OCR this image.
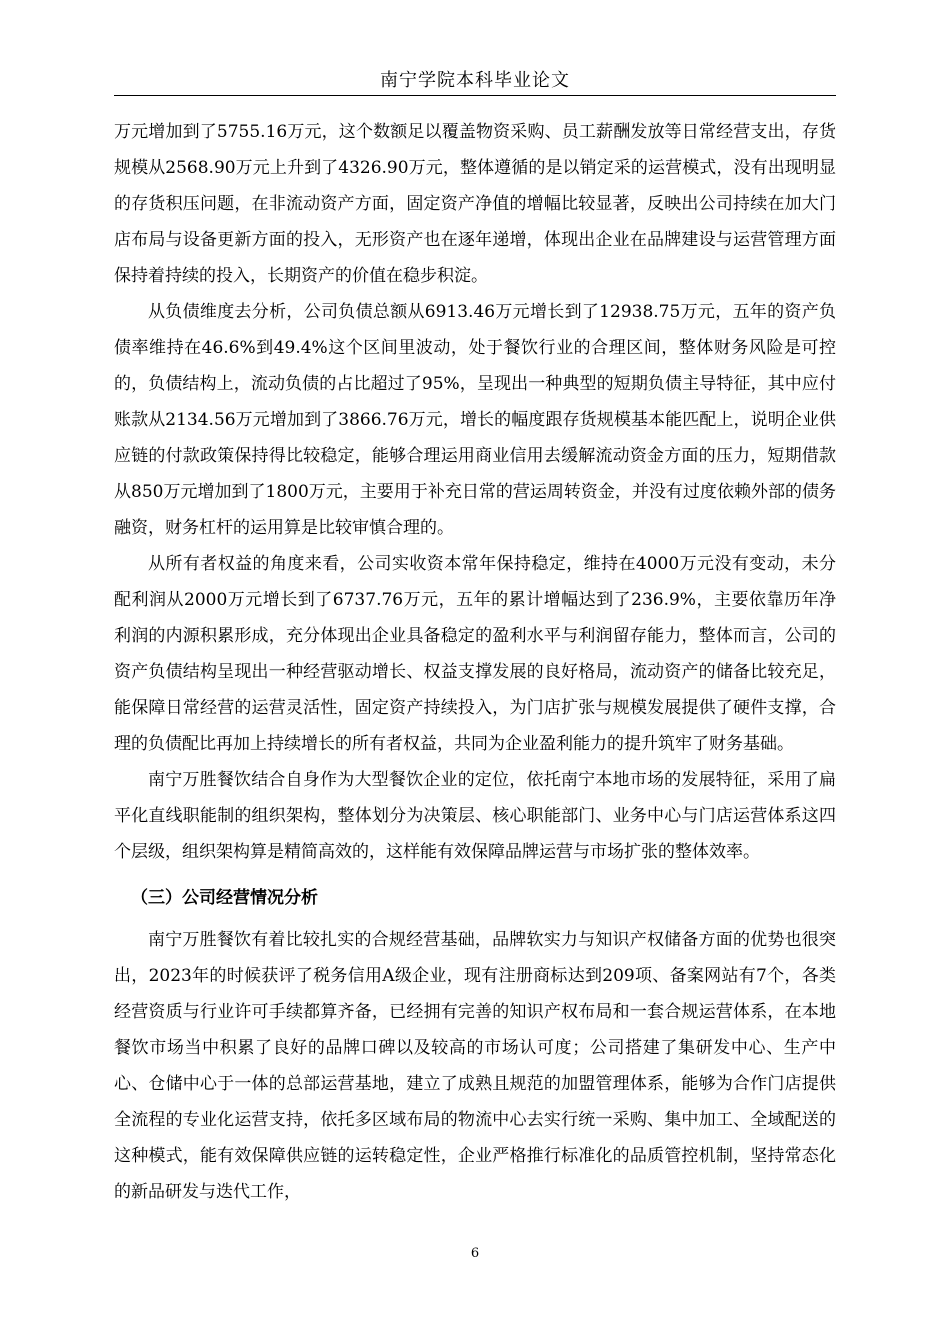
南宁学院本科毕业论文

万元增加到了5755.16万元，这个数额足以覆盖物资采购、员工薪酬发放等日常经营支出，存货规模从2568.90万元上升到了4326.90万元，整体遵循的是以销定采的运营模式，没有出现明显的存货积压问题，在非流动资产方面，固定资产净值的增幅比较显著，反映出公司持续在加大门店布局与设备更新方面的投入，无形资产也在逐年递增，体现出企业在品牌建设与运营管理方面保持着持续的投入，长期资产的价值在稳步积淀。

从负债维度去分析，公司负债总额从6913.46万元增长到了12938.75万元，五年的资产负债率维持在46.6%到49.4%这个区间里波动，处于餐饮行业的合理区间，整体财务风险是可控的，负债结构上，流动负债的占比超过了95%，呈现出一种典型的短期负债主导特征，其中应付账款从2134.56万元增加到了3866.76万元，增长的幅度跟存货规模基本能匹配上，说明企业供应链的付款政策保持得比较稳定，能够合理运用商业信用去缓解流动资金方面的压力，短期借款从850万元增加到了1800万元，主要用于补充日常的营运周转资金，并没有过度依赖外部的债务融资，财务杠杆的运用算是比较审慎合理的。

从所有者权益的角度来看，公司实收资本常年保持稳定，维持在4000万元没有变动，未分配利润从2000万元增长到了6737.76万元，五年的累计增幅达到了236.9%，主要依靠历年净利润的内源积累形成，充分体现出企业具备稳定的盈利水平与利润留存能力，整体而言，公司的资产负债结构呈现出一种经营驱动增长、权益支撑发展的良好格局，流动资产的储备比较充足，能保障日常经营的运营灵活性，固定资产持续投入，为门店扩张与规模发展提供了硬件支撑，合理的负债配比再加上持续增长的所有者权益，共同为企业盈利能力的提升筑牢了财务基础。

南宁万胜餐饮结合自身作为大型餐饮企业的定位，依托南宁本地市场的发展特征，采用了扁平化直线职能制的组织架构，整体划分为决策层、核心职能部门、业务中心与门店运营体系这四个层级，组织架构算是精简高效的，这样能有效保障品牌运营与市场扩张的整体效率。

（三）公司经营情况分析

南宁万胜餐饮有着比较扎实的合规经营基础，品牌软实力与知识产权储备方面的优势也很突出，2023年的时候获评了税务信用A级企业，现有注册商标达到209项、备案网站有7个，各类经营资质与行业许可手续都算齐备，已经拥有完善的知识产权布局和一套合规运营体系，在本地餐饮市场当中积累了良好的品牌口碑以及较高的市场认可度；公司搭建了集研发中心、生产中心、仓储中心于一体的总部运营基地，建立了成熟且规范的加盟管理体系，能够为合作门店提供全流程的专业化运营支持，依托多区域布局的物流中心去实行统一采购、集中加工、全域配送的这种模式，能有效保障供应链的运转稳定性，企业严格推行标准化的品质管控机制，坚持常态化的新品研发与迭代工作，

6
